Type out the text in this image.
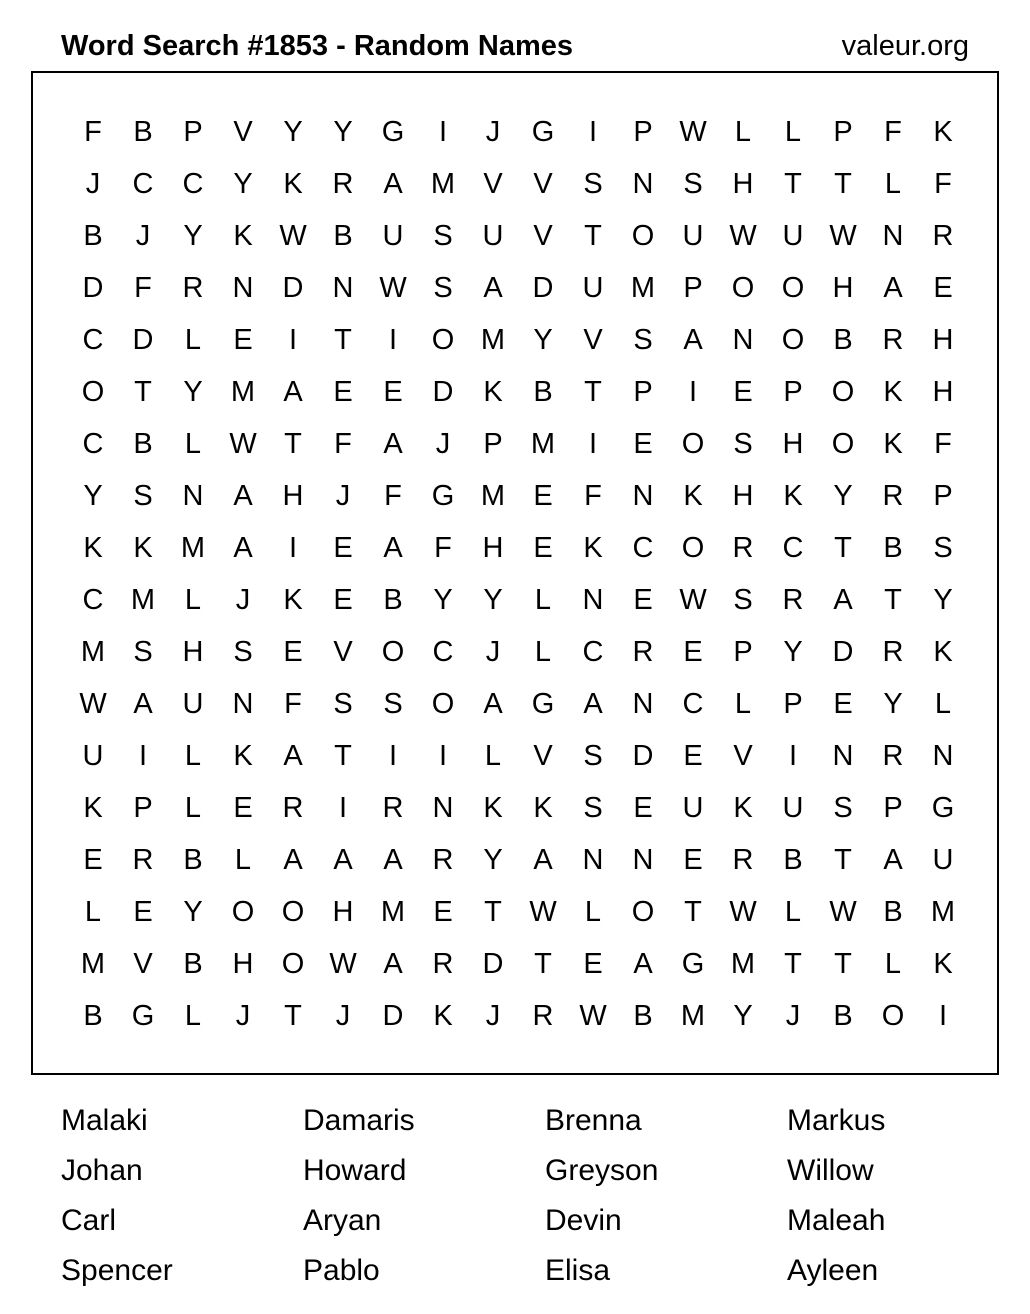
Word Search #1853 - Random Names	valeur.org
F	B	P	V	Y	Y	G	I	J	G	I	P W L	L	P	F	K
J	C	C	Y	K	R	A M V	V	S	N	S	H	T	T	L	F
B	J	Y	K W B	U	S	U	V	T	O U W U W N	R
D	F	R	N	D	N W S	A	D	U M P	O O H	A	E
C	D	L	E	I	T	I	O M Y	V	S	A	N O	B	R	H
O	T	Y M A	E	E	D	K	B	T	P	I	E	P	O	K	H
C	B	L W T	F	A	J	P M	I	E	O	S	H O	K	F
Y	S	N	A	H	J	F	G M E	F	N	K	H	K	Y	R	P
K	K M A	I	E	A	F	H	E	K	C O R	C	T	B	S
C M	L	J	K	E	B	Y	Y	L	N	E W S	R	A	T	Y
M S	H	S	E	V	O C	J	L	C	R	E	P	Y	D	R	K
W A	U	N	F	S	S	O	A	G	A	N	C	L	P	E	Y	L
U	I	L	K	A	T	I	I	L	V	S	D	E	V	I	N	R	N
K	P	L	E	R	I	R	N	K	K	S	E	U	K	U	S	P	G
E	R	B	L	A	A	A	R	Y	A	N	N	E	R	B	T	A	U
L	E	Y	O O H M E	T W L	O	T W L W B M
M V	B	H O W A	R	D	T	E	A	G M	T	T	L	K
B	G	L	J	T	J	D	K	J	R W B M Y	J	B	O	I
Malaki	Damaris	Brenna	Markus
Johan	Howard	Greyson	Willow
Carl	Aryan	Devin	Maleah
Spencer	Pablo	Elisa	Ayleen
